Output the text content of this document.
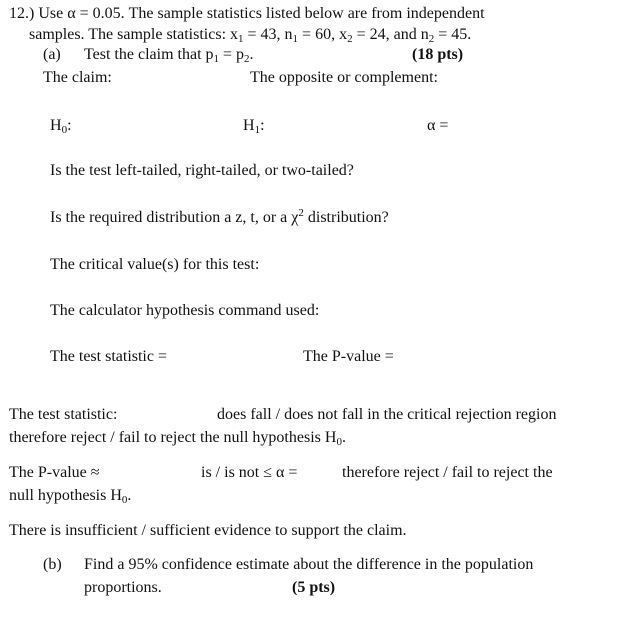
12.) Use α = 0.05. The sample statistics listed below are from independent
samples. The sample statistics: $x_1 = 43$, $n_1 = 60$, $x_2 = 24$, and $n_2 = 45$.
(a) Test the claim that $p_1 = p_2$.	(18 pts)
The claim:	The opposite or complement:
$H_0$:	$H_1$:	α =
Is the test left-tailed, right-tailed, or two-tailed?
Is the required distribution a z, t, or a $\chi^2$ distribution?
The critical value(s) for this test:
The calculator hypothesis command used:
The test statistic =	The P-value =
The test statistic:	does fall / does not fall in the critical rejection region
therefore reject / fail to reject the null hypothesis $H_0$.
The P-value ≈	is / is not ≤ α =	therefore reject / fail to reject the
null hypothesis $H_0$.
There is insufficient / sufficient evidence to support the claim.
(b) Find a 95% confidence estimate about the difference in the population
proportions.	(5 pts)
